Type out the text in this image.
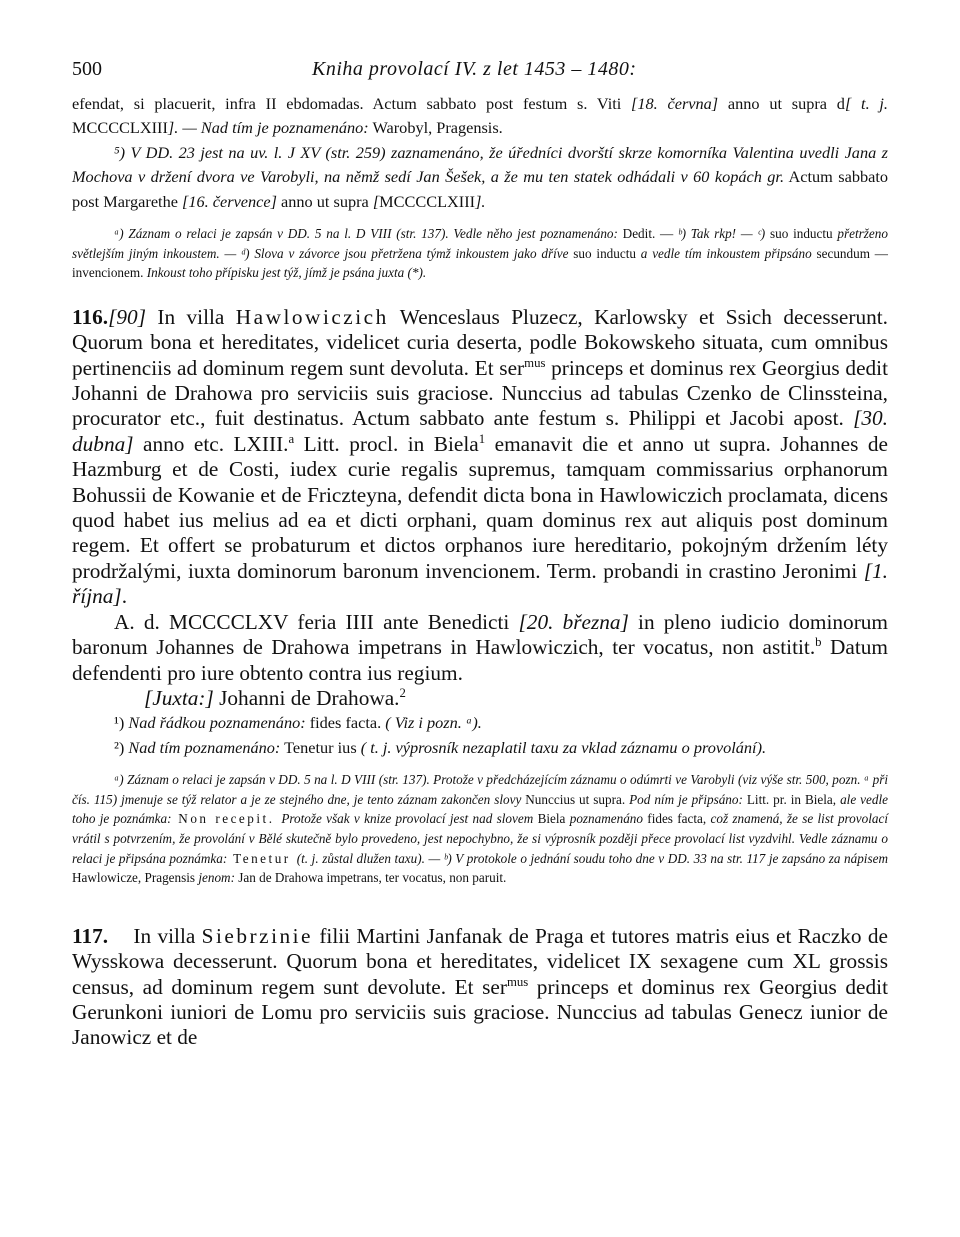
500	Kniha provolací IV. z let 1453 – 1480:

efendat, si placuerit, infra II ebdomadas. Actum sabbato post festum s. Viti [18. června] anno ut supra d[ t. j. MCCCCLXIII]. — Nad tím je poznamenáno: Warobyl, Pragensis.

⁵) V DD. 23 jest na uv. l. J XV (str. 259) zaznamenáno, že úředníci dvorští skrze komorníka Valentina uvedli Jana z Mochova v držení dvora ve Varobyli, na němž sedí Jan Šešek, a že mu ten statek odhádali v 60 kopách gr. Actum sabbato post Margarethe [16. července] anno ut supra [MCCCCLXIII].

ᵃ) Záznam o relaci je zapsán v DD. 5 na l. D VIII (str. 137). Vedle něho jest poznamenáno: Dedit. — ᵇ) Tak rkp! — ᶜ) suo inductu přetrženo světlejším jiným inkoustem. — ᵈ) Slova v závorce jsou přetržena týmž inkoustem jako dříve suo inductu a vedle tím inkoustem připsáno secundum — invencionem. Inkoust toho přípisku jest týž, jímž je psána juxta (*).

116.[90] In villa Hawlowiczich Wenceslaus Pluzecz, Karlowsky et Ssich decesserunt. Quorum bona et hereditates, videlicet curia deserta, podle Bokowskeho situata, cum omnibus pertinenciis ad dominum regem sunt devoluta. Et ser$^{mus}$ princeps et dominus rex Georgius dedit Johanni de Drahowa pro serviciis suis graciose. Nunccius ad tabulas Czenko de Clinssteina, procurator etc., fuit destinatus. Actum sabbato ante festum s. Philippi et Jacobi apost. [30. dubna] anno etc. LXIII.$^a$ Litt. procl. in Biela$^1$ emanavit die et anno ut supra. Johannes de Hazmburg et de Costi, iudex curie regalis supremus, tamquam commissarius orphanorum Bohussii de Kowanie et de Friczteyna, defendit dicta bona in Hawlowiczich proclamata, dicens quod habet ius melius ad ea et dicti orphani, quam dominus rex aut aliquis post dominum regem. Et offert se probaturum et dictos orphanos iure hereditario, pokojným držením léty prodržalými, iuxta dominorum baronum invencionem. Term. probandi in crastino Jeronimi [1. října].

A. d. MCCCCLXV feria IIII ante Benedicti [20. března] in pleno iudicio dominorum baronum Johannes de Drahowa impetrans in Hawlowiczich, ter vocatus, non astitit.$^b$ Datum defendenti pro iure obtento contra ius regium.

[Juxta:] Johanni de Drahowa.$^2$

¹) Nad řádkou poznamenáno: fides facta. ( Viz i pozn. ᵃ).

²) Nad tím poznamenáno: Tenetur ius ( t. j. výprosník nezaplatil taxu za vklad záznamu o provolání).

ᵃ) Záznam o relaci je zapsán v DD. 5 na l. D VIII (str. 137). Protože v předcházejícím záznamu o odúmrti ve Varobyli (viz výše str. 500, pozn. ᵃ při čís. 115) jmenuje se týž relator a je ze stejného dne, je tento záznam zakončen slovy Nunccius ut supra. Pod ním je připsáno: Litt. pr. in Biela, ale vedle toho je poznámka: Non recepit. Protože však v knize provolací jest nad slovem Biela poznamenáno fides facta, což znamená, že se list provolací vrátil s potvrzením, že provolání v Bělé skutečně bylo provedeno, jest nepochybno, že si výprosník později přece provolací list vyzdvihl. Vedle záznamu o relaci je připsána poznámka: Tenetur (t. j. zůstal dlužen taxu). — ᵇ) V protokole o jednání soudu toho dne v DD. 33 na str. 117 je zapsáno za nápisem Hawlowicze, Pragensis jenom: Jan de Drahowa impetrans, ter vocatus, non paruit.

117.    In villa Siebrzinie filii Martini Janfanak de Praga et tutores matris eius et Raczko de Wysskowa decesserunt. Quorum bona et hereditates, videlicet IX sexagene cum XL grossis census, ad dominum regem sunt devolute. Et ser$^{mus}$ princeps et dominus rex Georgius dedit Gerunkoni iuniori de Lomu pro serviciis suis graciose. Nunccius ad tabulas Genecz iunior de Janowicz et de
